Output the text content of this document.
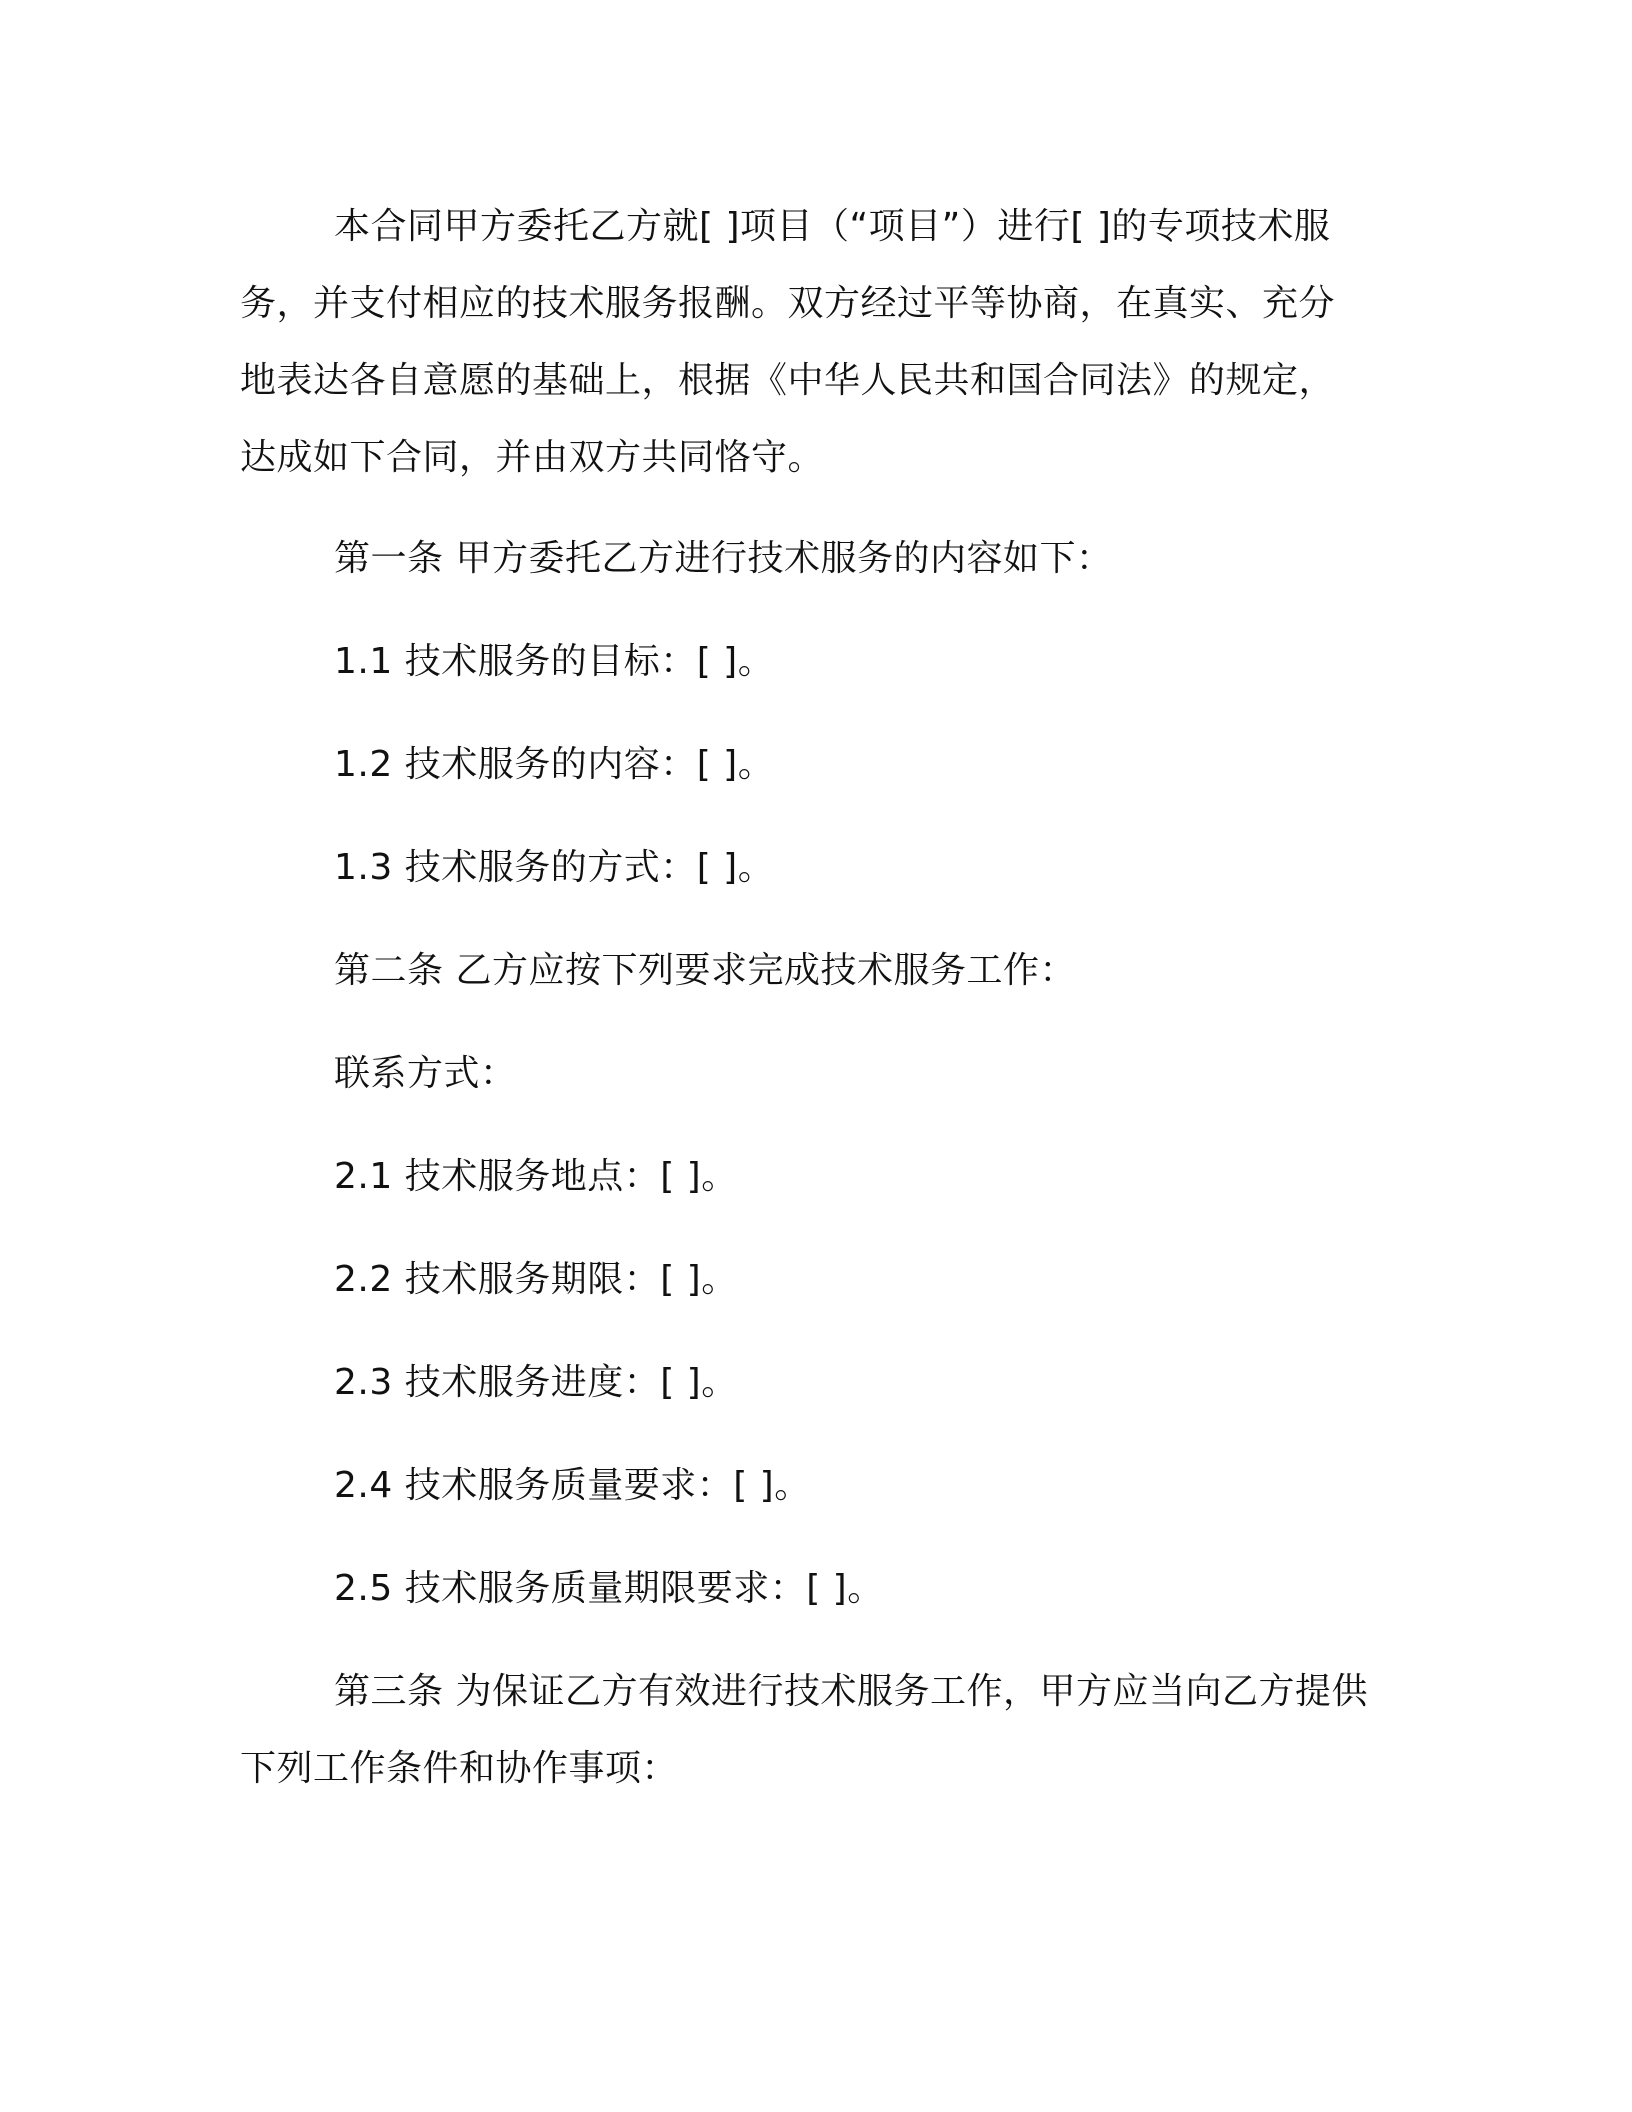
本合同甲方委托乙方就[ ]项目（“项目”）进行[ ]的专项技术服
务，并支付相应的技术服务报酬。双方经过平等协商，在真实、充分
地表达各自意愿的基础上，根据《中华人民共和国合同法》的规定，
达成如下合同，并由双方共同恪守。

第一条 甲方委托乙方进行技术服务的内容如下：

1.1 技术服务的目标：[ ]。

1.2 技术服务的内容：[ ]。

1.3 技术服务的方式：[ ]。

第二条 乙方应按下列要求完成技术服务工作：

联系方式：

2.1 技术服务地点：[ ]。

2.2 技术服务期限：[ ]。

2.3 技术服务进度：[ ]。

2.4 技术服务质量要求：[ ]。

2.5 技术服务质量期限要求：[ ]。

第三条 为保证乙方有效进行技术服务工作，甲方应当向乙方提供

下列工作条件和协作事项：
